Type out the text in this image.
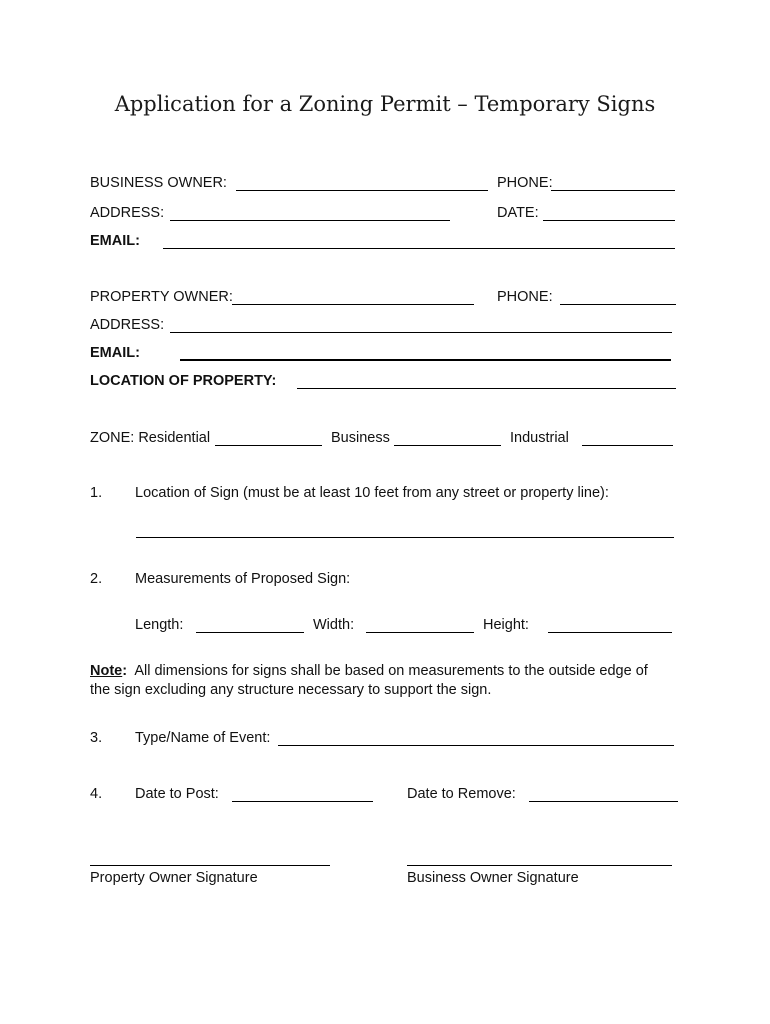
Application for a Zoning Permit – Temporary Signs
BUSINESS OWNER:	PHONE:
ADDRESS:	DATE:
EMAIL:
PROPERTY OWNER:	PHONE:
ADDRESS:
EMAIL:
LOCATION OF PROPERTY:
ZONE: Residential	Business	Industrial
1. Location of Sign (must be at least 10 feet from any street or property line):
2. Measurements of Proposed Sign:
Length:	Width:	Height:
Note: All dimensions for signs shall be based on measurements to the outside edge of
the sign excluding any structure necessary to support the sign.
3. Type/Name of Event:
4. Date to Post:	Date to Remove:
Property Owner Signature	Business Owner Signature
